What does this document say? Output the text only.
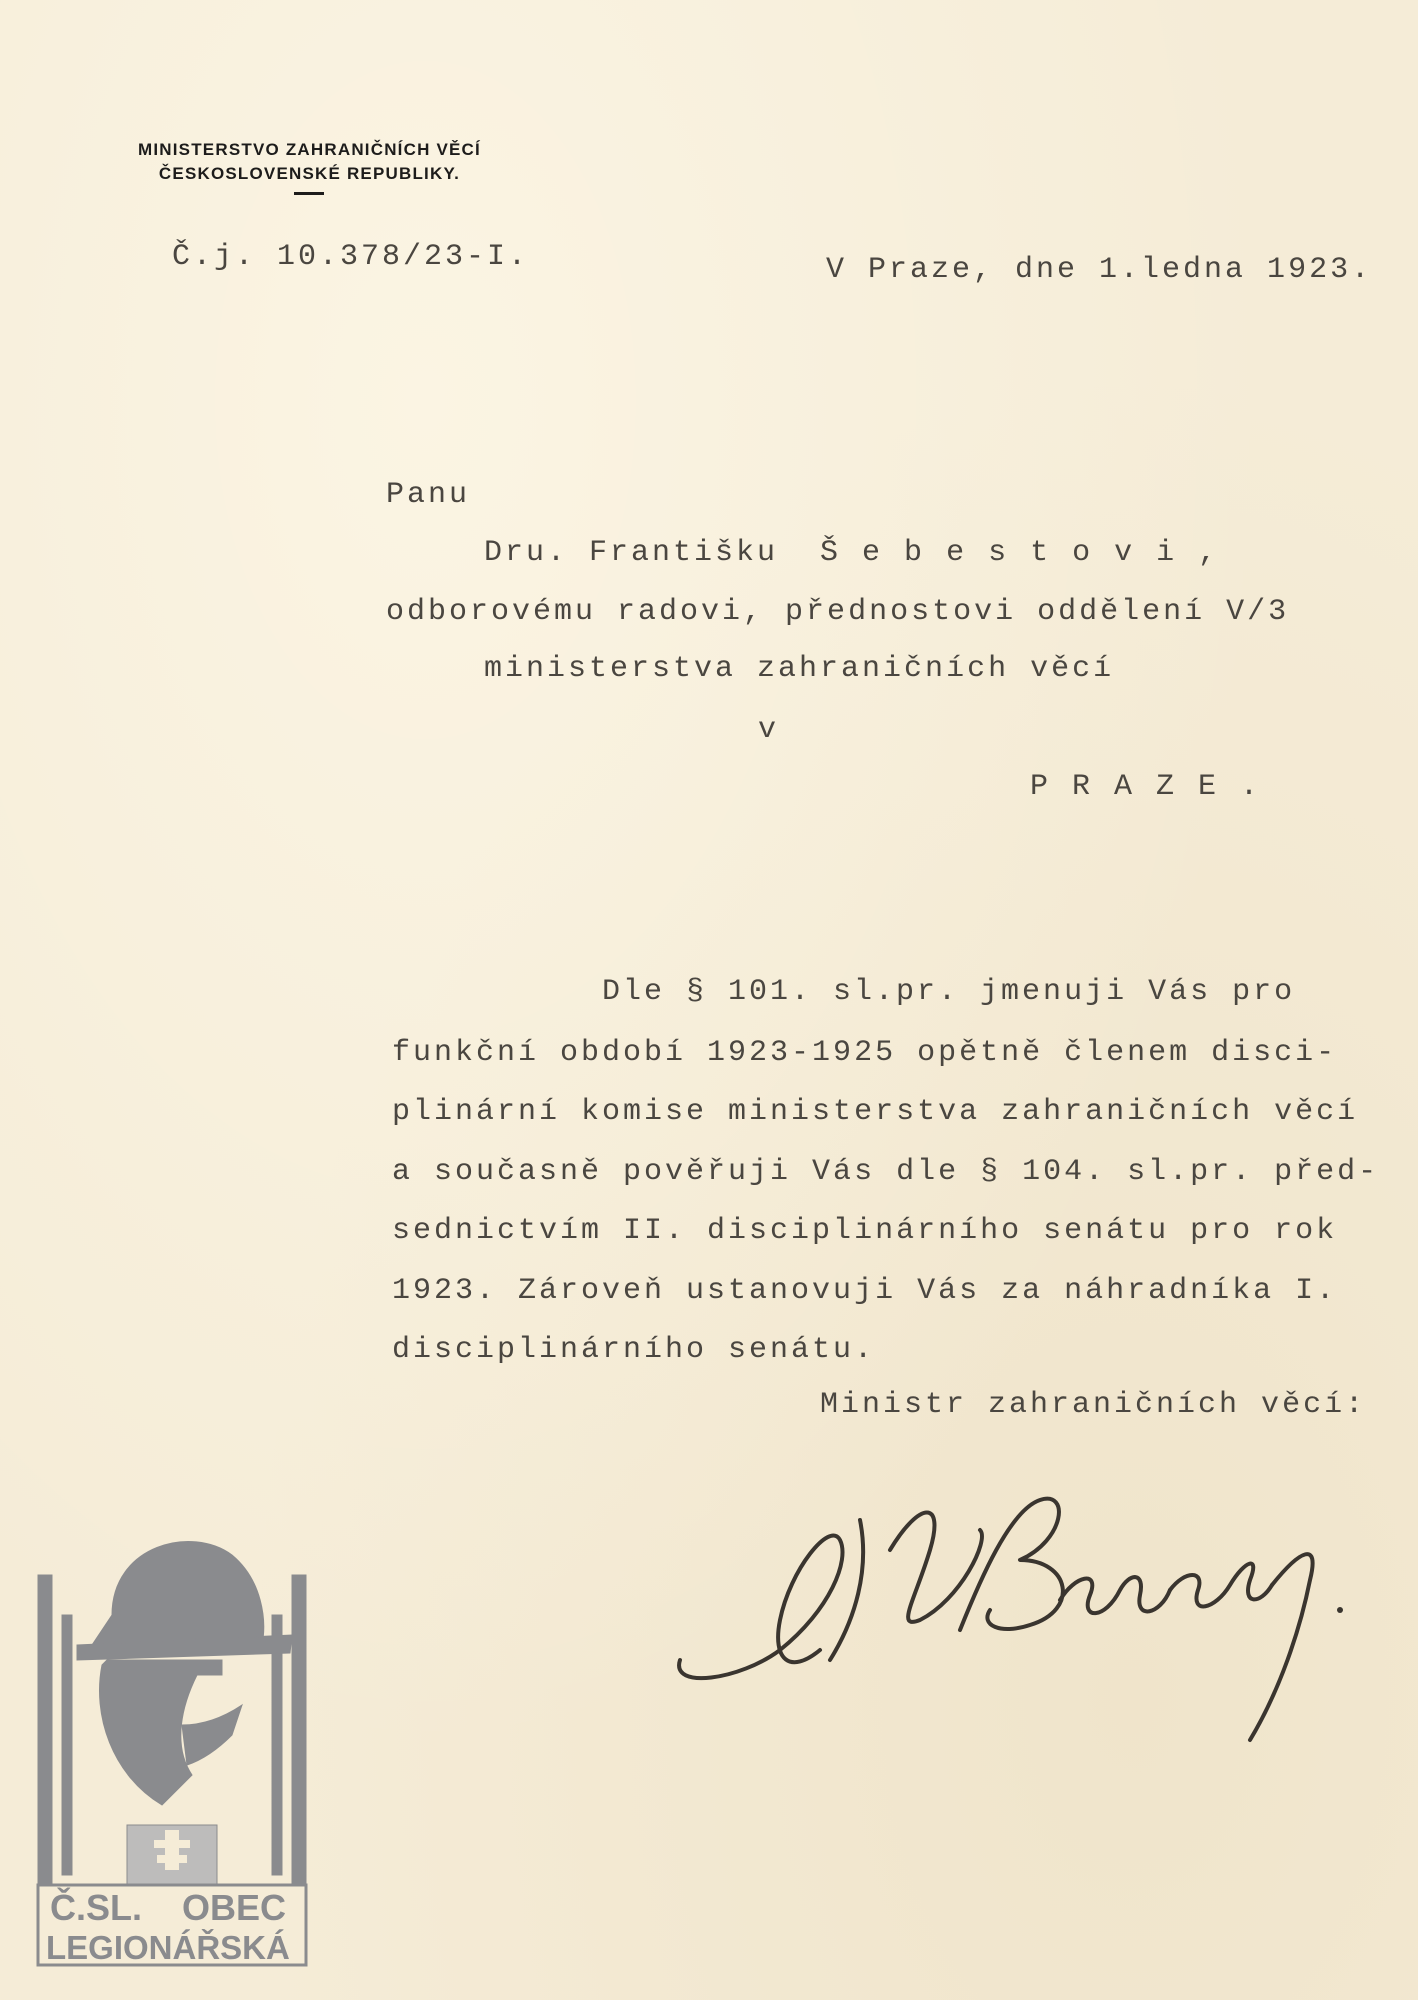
MINISTERSTVO ZAHRANIČNÍCH VĚCÍ
ČESKOSLOVENSKÉ REPUBLIKY.
Č.j. 10.378/23-I.	V Praze, dne 1.ledna 1923.
Panu
Dru. Františku  Š e b e s t o v i ,
odborovému radovi, přednostovi oddělení V/3
ministerstva zahraničních věcí
v
P R A Z E .
Dle § 101. sl.pr. jmenuji Vás pro
funkční období 1923-1925 opětně členem disci-
plinární komise ministerstva zahraničních věcí
a současně pověřuji Vás dle § 104. sl.pr. před-
sednictvím II. disciplinárního senátu pro rok
1923. Zároveň ustanovuji Vás za náhradníka I.
disciplinárního senátu.
Ministr zahraničních věcí:
Č.SL. OBEC
LEGIONÁŘSKÁ
